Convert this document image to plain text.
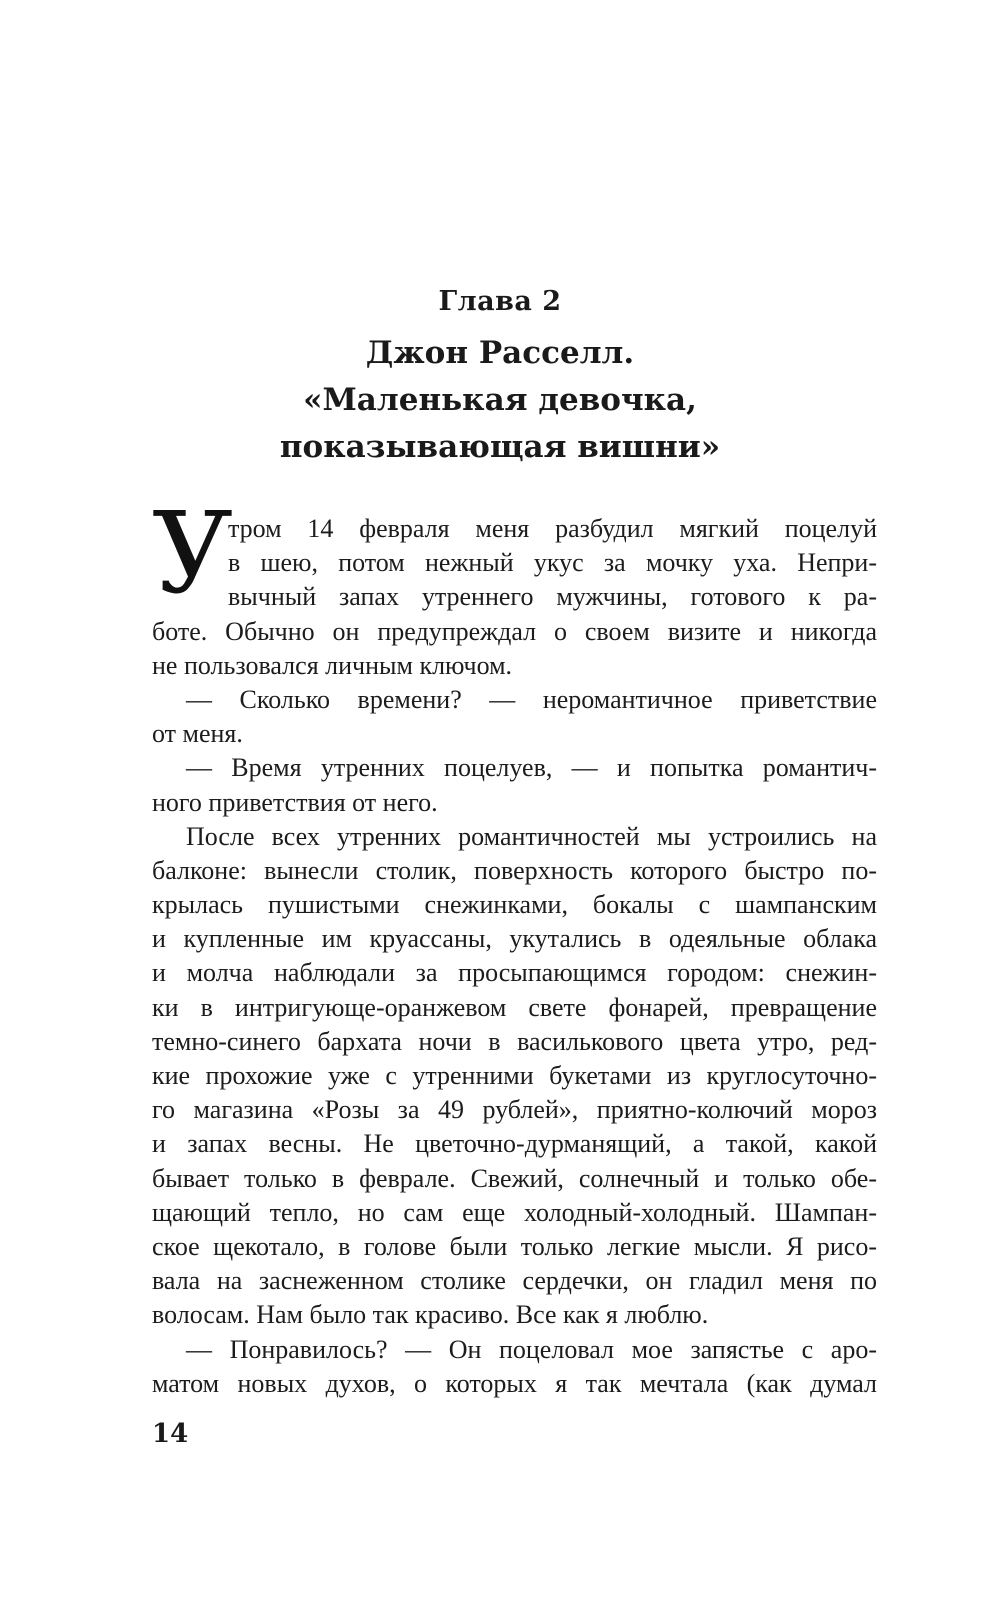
Глава 2
Джон Расселл.
«Маленькая девочка,
показывающая вишни»
У
тром 14 февраля меня разбудил мягкий поцелуй
в шею, потом нежный укус за мочку уха. Непри-
вычный запах утреннего мужчины, готового к ра-
боте. Обычно он предупреждал о своем визите и никогда
не пользовался личным ключом.
— Сколько времени? — неромантичное приветствие
от меня.
— Время утренних поцелуев, — и попытка романтич-
ного приветствия от него.
После всех утренних романтичностей мы устроились на
балконе: вынесли столик, поверхность которого быстро по-
крылась пушистыми снежинками, бокалы с шампанским
и купленные им круассаны, укутались в одеяльные облака
и молча наблюдали за просыпающимся городом: снежин-
ки в интригующе-оранжевом свете фонарей, превращение
темно-синего бархата ночи в василькового цвета утро, ред-
кие прохожие уже с утренними букетами из круглосуточно-
го магазина «Розы за 49 рублей», приятно-колючий мороз
и запах весны. Не цветочно-дурманящий, а такой, какой
бывает только в феврале. Свежий, солнечный и только обе-
щающий тепло, но сам еще холодный-холодный. Шампан-
ское щекотало, в голове были только легкие мысли. Я рисо-
вала на заснеженном столике сердечки, он гладил меня по
волосам. Нам было так красиво. Все как я люблю.
— Понравилось? — Он поцеловал мое запястье с аро-
матом новых духов, о которых я так мечтала (как думал
14
